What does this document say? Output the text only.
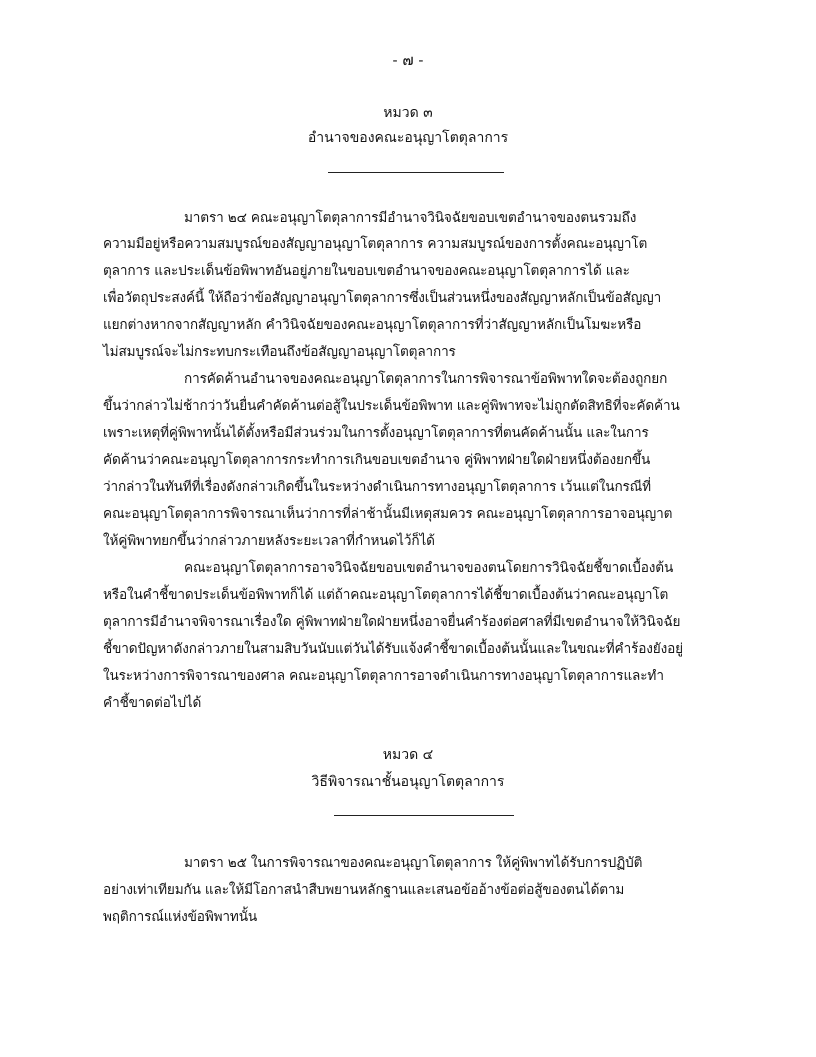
- ๗ -
หมวด ๓
อำนาจของคณะอนุญาโตตุลาการ
มาตรา ๒๔ คณะอนุญาโตตุลาการมีอำนาจวินิจฉัยขอบเขตอำนาจของตนรวมถึง
ความมีอยู่หรือความสมบูรณ์ของสัญญาอนุญาโตตุลาการ ความสมบูรณ์ของการตั้งคณะอนุญาโต
ตุลาการ และประเด็นข้อพิพาทอันอยู่ภายในขอบเขตอำนาจของคณะอนุญาโตตุลาการได้ และ
เพื่อวัตถุประสงค์นี้ ให้ถือว่าข้อสัญญาอนุญาโตตุลาการซึ่งเป็นส่วนหนึ่งของสัญญาหลักเป็นข้อสัญญา
แยกต่างหากจากสัญญาหลัก คำวินิจฉัยของคณะอนุญาโตตุลาการที่ว่าสัญญาหลักเป็นโมฆะหรือ
ไม่สมบูรณ์จะไม่กระทบกระเทือนถึงข้อสัญญาอนุญาโตตุลาการ
การคัดค้านอำนาจของคณะอนุญาโตตุลาการในการพิจารณาข้อพิพาทใดจะต้องถูกยก
ขึ้นว่ากล่าวไม่ช้ากว่าวันยื่นคำคัดค้านต่อสู้ในประเด็นข้อพิพาท และคู่พิพาทจะไม่ถูกตัดสิทธิที่จะคัดค้าน
เพราะเหตุที่คู่พิพาทนั้นได้ตั้งหรือมีส่วนร่วมในการตั้งอนุญาโตตุลาการที่ตนคัดค้านนั้น และในการ
คัดค้านว่าคณะอนุญาโตตุลาการกระทำการเกินขอบเขตอำนาจ คู่พิพาทฝ่ายใดฝ่ายหนึ่งต้องยกขึ้น
ว่ากล่าวในทันทีที่เรื่องดังกล่าวเกิดขึ้นในระหว่างดำเนินการทางอนุญาโตตุลาการ เว้นแต่ในกรณีที่
คณะอนุญาโตตุลาการพิจารณาเห็นว่าการที่ล่าช้านั้นมีเหตุสมควร คณะอนุญาโตตุลาการอาจอนุญาต
ให้คู่พิพาทยกขึ้นว่ากล่าวภายหลังระยะเวลาที่กำหนดไว้ก็ได้
คณะอนุญาโตตุลาการอาจวินิจฉัยขอบเขตอำนาจของตนโดยการวินิจฉัยชี้ขาดเบื้องต้น
หรือในคำชี้ขาดประเด็นข้อพิพาทก็ได้ แต่ถ้าคณะอนุญาโตตุลาการได้ชี้ขาดเบื้องต้นว่าคณะอนุญาโต
ตุลาการมีอำนาจพิจารณาเรื่องใด คู่พิพาทฝ่ายใดฝ่ายหนึ่งอาจยื่นคำร้องต่อศาลที่มีเขตอำนาจให้วินิจฉัย
ชี้ขาดปัญหาดังกล่าวภายในสามสิบวันนับแต่วันได้รับแจ้งคำชี้ขาดเบื้องต้นนั้นและในขณะที่คำร้องยังอยู่
ในระหว่างการพิจารณาของศาล คณะอนุญาโตตุลาการอาจดำเนินการทางอนุญาโตตุลาการและทำ
คำชี้ขาดต่อไปได้
หมวด ๔
วิธีพิจารณาชั้นอนุญาโตตุลาการ
มาตรา ๒๕ ในการพิจารณาของคณะอนุญาโตตุลาการ ให้คู่พิพาทได้รับการปฏิบัติ
อย่างเท่าเทียมกัน และให้มีโอกาสนำสืบพยานหลักฐานและเสนอข้ออ้างข้อต่อสู้ของตนได้ตาม
พฤติการณ์แห่งข้อพิพาทนั้น
